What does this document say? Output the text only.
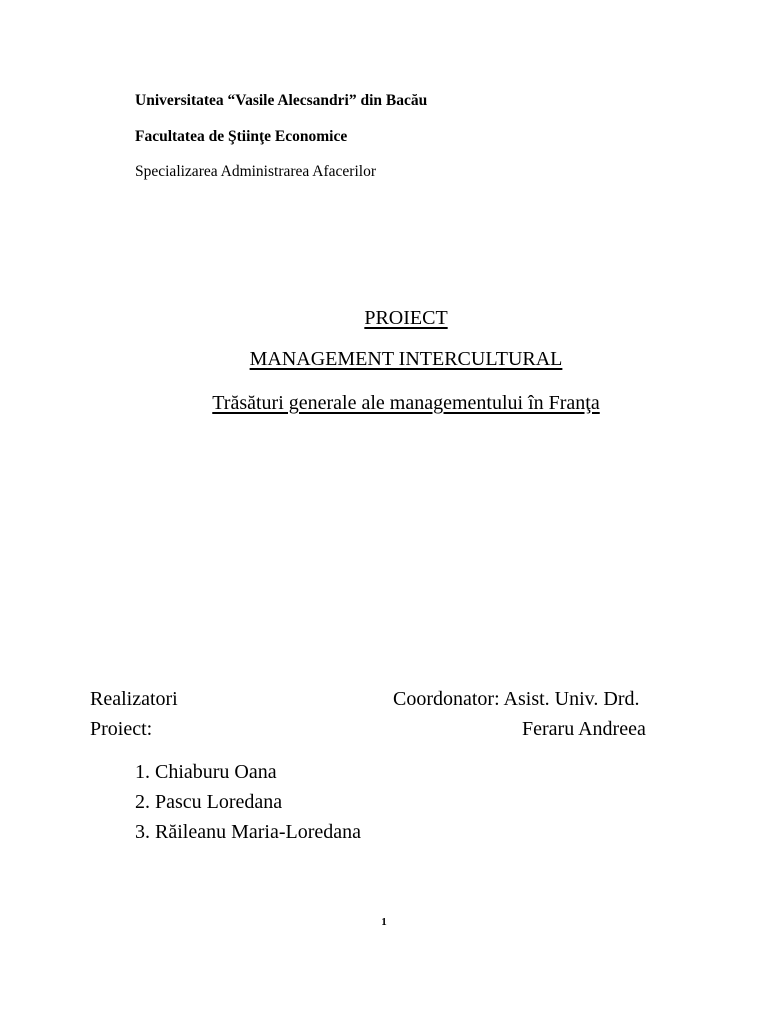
Universitatea “Vasile Alecsandri” din Bacău
Facultatea de Ştiinţe Economice
Specializarea Administrarea Afacerilor
PROIECT
MANAGEMENT INTERCULTURAL
Trăsături generale ale managementului în Franţa
Realizatori
Proiect:
Coordonator: Asist. Univ. Drd.
Feraru Andreea
1. Chiaburu Oana
2. Pascu Loredana
3. Răileanu Maria-Loredana
1
